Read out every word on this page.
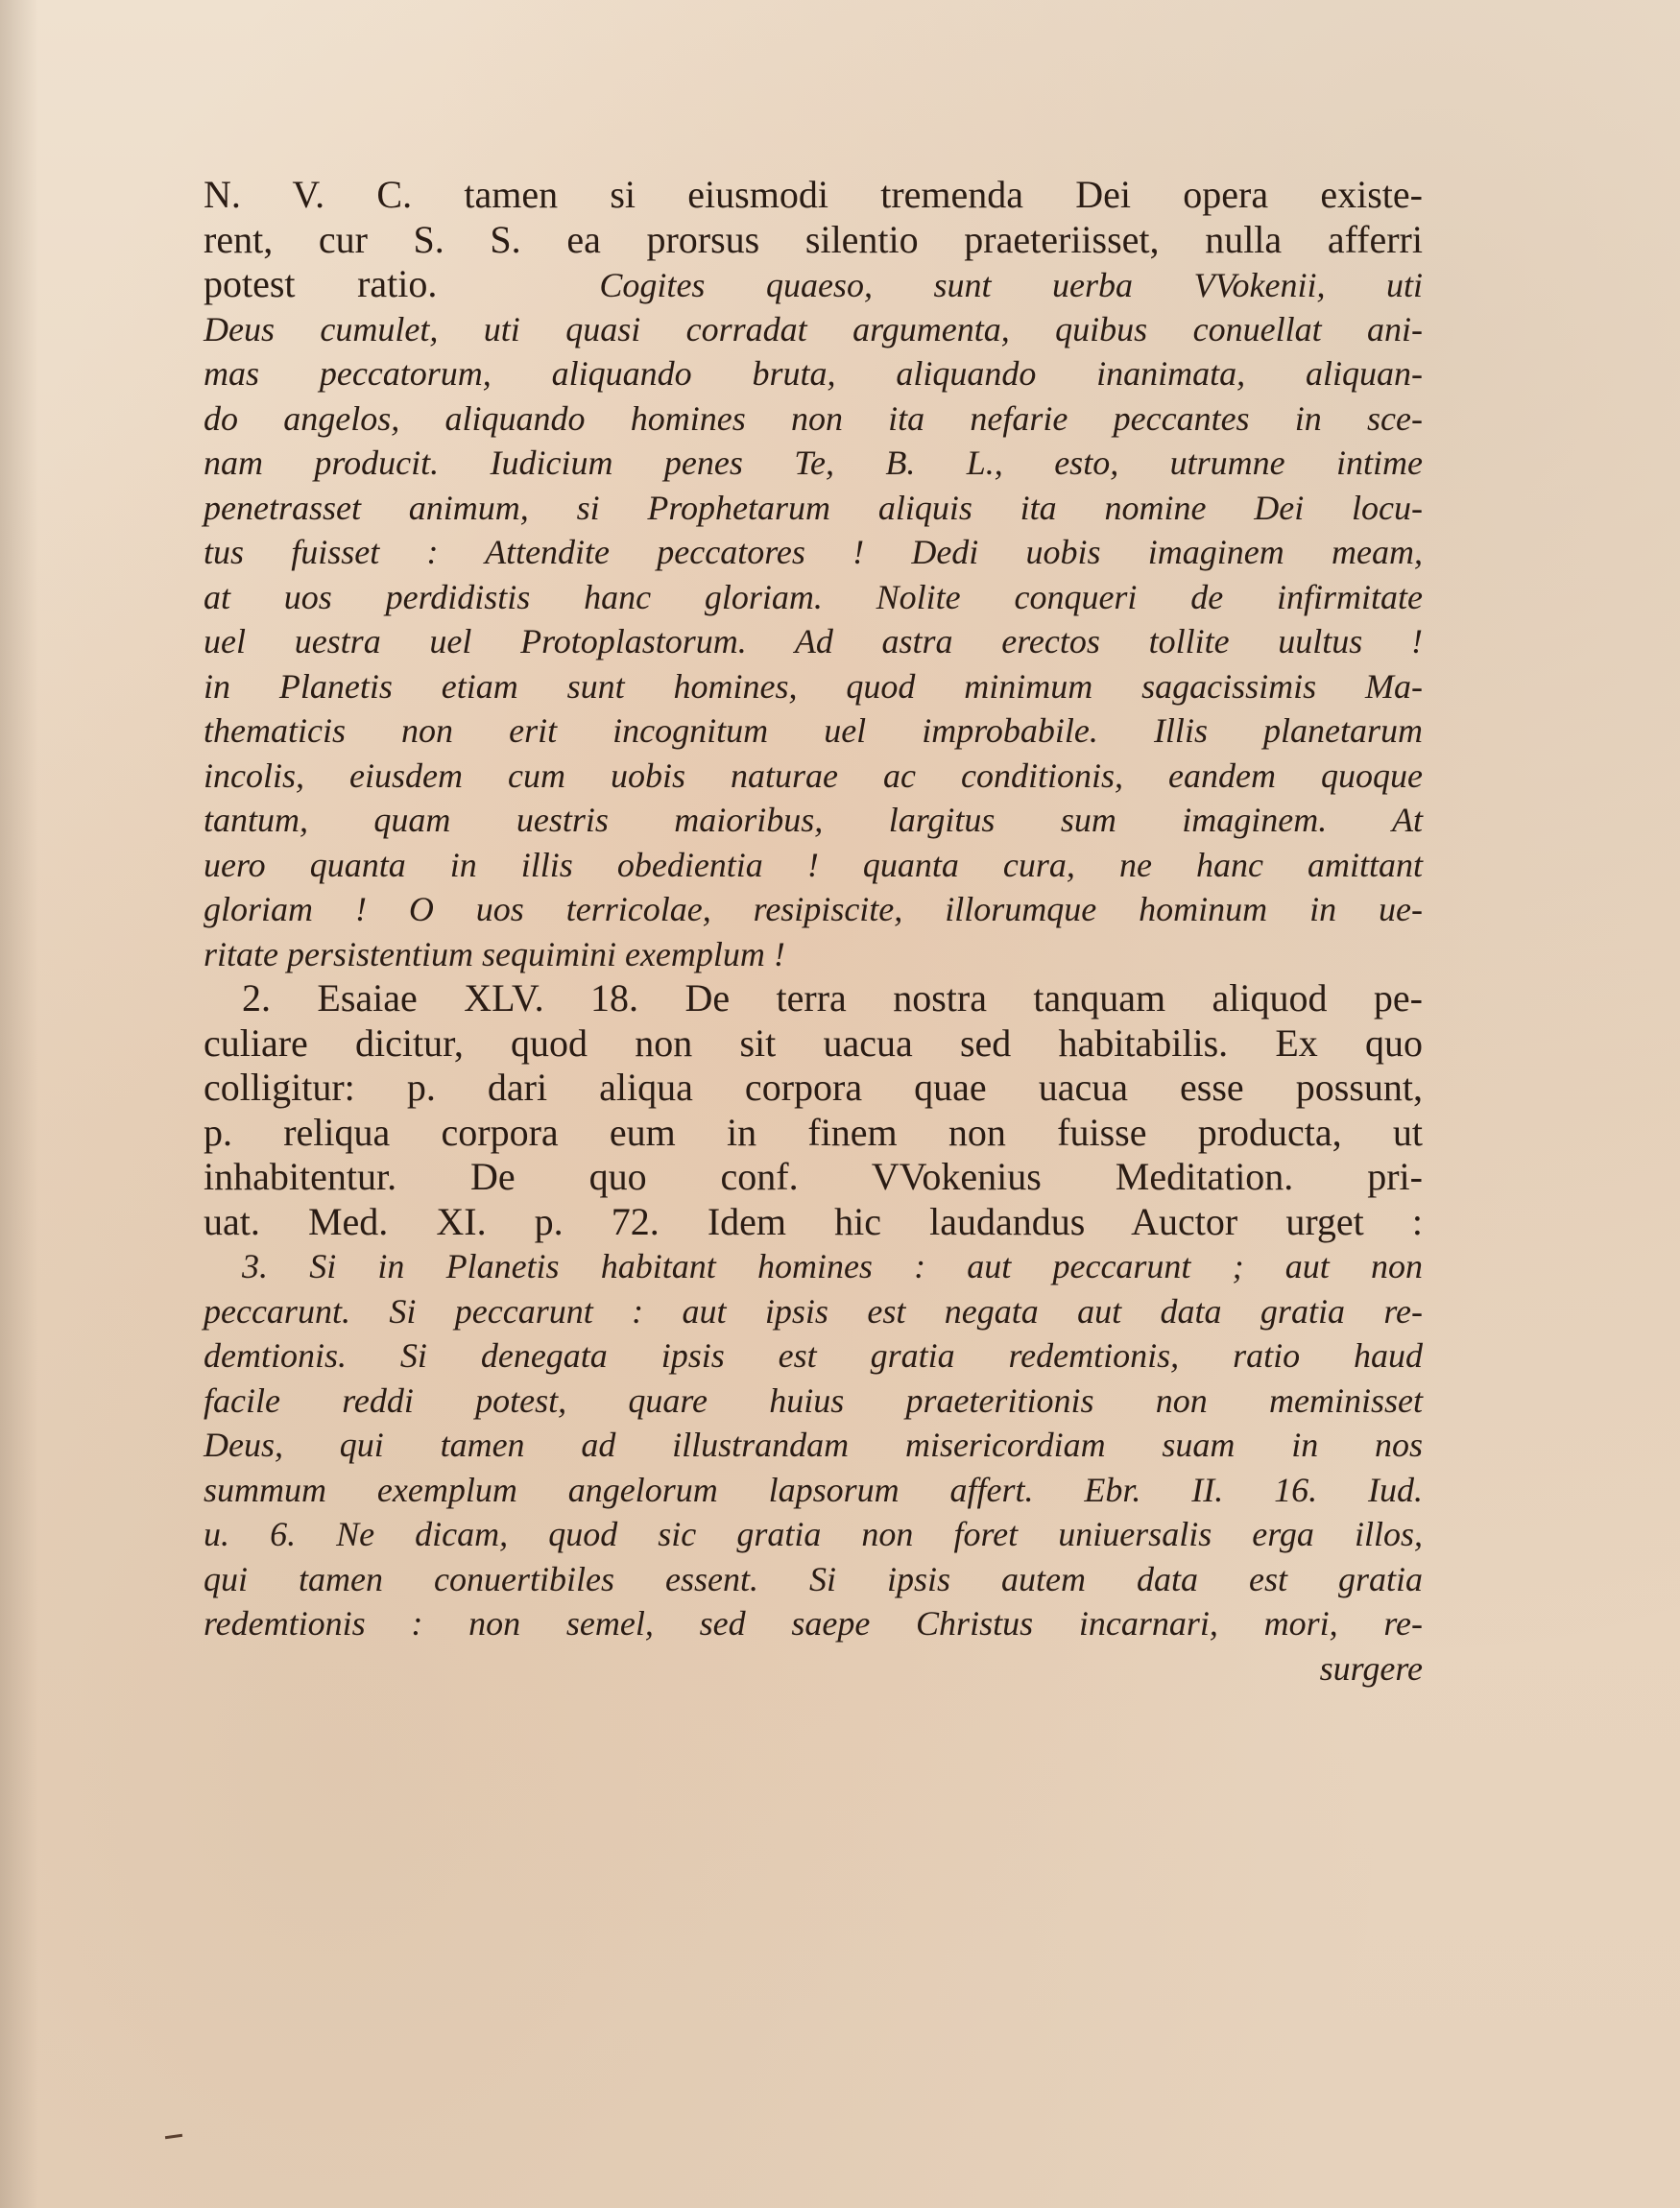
N. V. C. tamen si eiusmodi tremenda Dei opera existe-
rent, cur S. S. ea prorsus silentio praeteriisset, nulla afferri
potest ratio.  	Cogites quaeso, sunt uerba VVokenii, uti
Deus cumulet, uti quasi corradat argumenta, quibus conuellat ani-
mas peccatorum, aliquando bruta, aliquando inanimata, aliquan-
do angelos, aliquando homines non ita nefarie peccantes in sce-
nam producit. Iudicium penes Te, B. L., esto, utrumne intime
penetrasset animum, si Prophetarum aliquis ita nomine Dei locu-
tus fuisset : Attendite peccatores ! Dedi uobis imaginem meam,
at uos perdidistis hanc gloriam. Nolite conqueri de infirmitate
uel uestra uel Protoplastorum. Ad astra erectos tollite uultus !
in Planetis etiam sunt homines, quod minimum sagacissimis Ma-
thematicis non erit incognitum uel improbabile. Illis planetarum
incolis, eiusdem cum uobis naturae ac conditionis, eandem quoque
tantum, quam uestris maioribus, largitus sum imaginem. At
uero quanta in illis obedientia ! quanta cura, ne hanc amittant
gloriam ! O uos terricolae, resipiscite, illorumque hominum in ue-
ritate persistentium sequimini exemplum !
2. Esaiae XLV. 18. De terra nostra tanquam aliquod pe-
culiare dicitur, quod non sit uacua sed habitabilis. Ex quo
colligitur: p. dari aliqua corpora quae uacua esse possunt,
p. reliqua corpora eum in finem non fuisse producta, ut
inhabitentur. De quo conf. VVokenius Meditation. pri-
uat. Med. XI. p. 72. Idem hic laudandus Auctor urget :
3. Si in Planetis habitant homines : aut peccarunt ; aut non
peccarunt. Si peccarunt : aut ipsis est negata aut data gratia re-
demtionis. Si denegata ipsis est gratia redemtionis, ratio haud
facile reddi potest, quare huius praeteritionis non meminisset
Deus, qui tamen ad illustrandam misericordiam suam in nos
summum exemplum angelorum lapsorum affert. Ebr. II. 16. Iud.
u. 6. Ne dicam, quod sic gratia non foret uniuersalis erga illos,
qui tamen conuertibiles essent. Si ipsis autem data est gratia
redemtionis : non semel, sed saepe Christus incarnari, mori, re-
surgere
